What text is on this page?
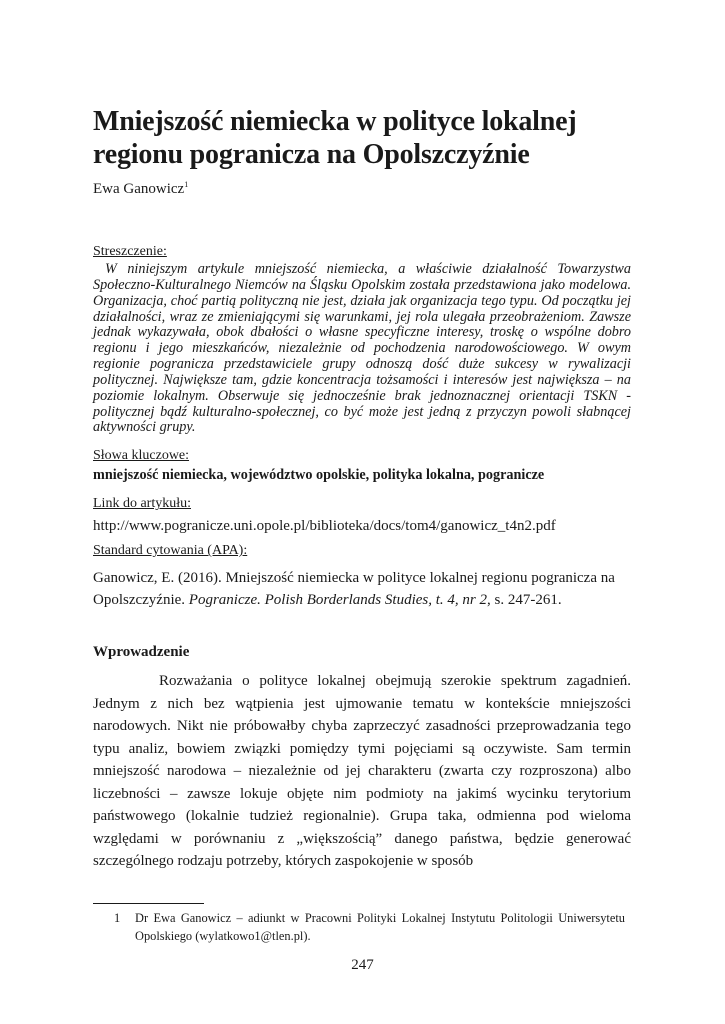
Mniejszość niemiecka w polityce lokalnej regionu pogranicza na Opolszczyźnie
Ewa Ganowicz$^1$
Streszczenie:
W niniejszym artykule mniejszość niemiecka, a właściwie działalność Towarzystwa Społeczno-Kulturalnego Niemców na Śląsku Opolskim została przedstawiona jako modelowa. Organizacja, choć partią polityczną nie jest, działa jak organizacja tego typu. Od początku jej działalności, wraz ze zmieniającymi się warunkami, jej rola ulegała przeobrażeniom. Zawsze jednak wykazywała, obok dbałości o własne specyficzne interesy, troskę o wspólne dobro regionu i jego mieszkańców, niezależnie od pochodzenia narodowościowego. W owym regionie pogranicza przedstawiciele grupy odnoszą dość duże sukcesy w rywalizacji politycznej. Największe tam, gdzie koncentracja tożsamości i interesów jest największa – na poziomie lokalnym. Obserwuje się jednocześnie brak jednoznacznej orientacji TSKN - politycznej bądź kulturalno-społecznej, co być może jest jedną z przyczyn powoli słabnącej aktywności grupy.
Słowa kluczowe:
mniejszość niemiecka, województwo opolskie, polityka lokalna, pogranicze
Link do artykułu:
http://www.pogranicze.uni.opole.pl/biblioteka/docs/tom4/ganowicz_t4n2.pdf
Standard cytowania (APA):
Ganowicz, E. (2016). Mniejszość niemiecka w polityce lokalnej regionu pogranicza na Opolszczyźnie. Pogranicze. Polish Borderlands Studies, t. 4, nr 2, s. 247-261.
Wprowadzenie
Rozważania o polityce lokalnej obejmują szerokie spektrum zagadnień. Jednym z nich bez wątpienia jest ujmowanie tematu w kontekście mniejszości narodowych. Nikt nie próbowałby chyba zaprzeczyć zasadności przeprowadzania tego typu analiz, bowiem związki pomiędzy tymi pojęciami są oczywiste. Sam termin mniejszość narodowa – niezależnie od jej charakteru (zwarta czy rozproszona) albo liczebności – zawsze lokuje objęte nim podmioty na jakimś wycinku terytorium państwowego (lokalnie tudzież regionalnie). Grupa taka, odmienna pod wieloma względami w porównaniu z „większością” danego państwa, będzie generować szczególnego rodzaju potrzeby, których zaspokojenie w sposób
1 Dr Ewa Ganowicz – adiunkt w Pracowni Polityki Lokalnej Instytutu Politologii Uniwersytetu Opolskiego (wylatkowo1@tlen.pl).
247
